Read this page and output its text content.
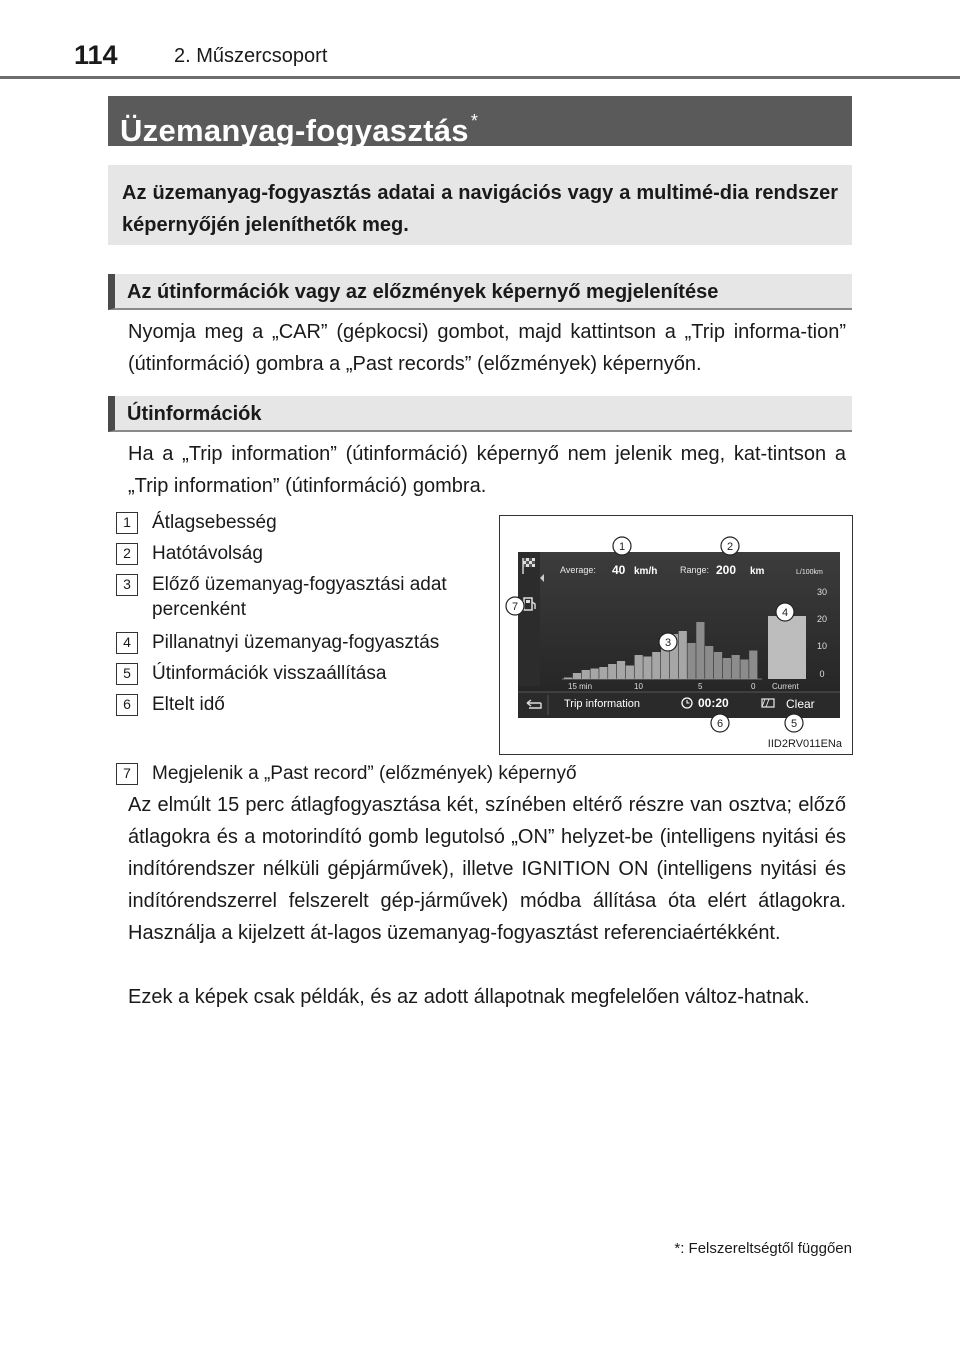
114	2. Műszercsoport
Üzemanyag-fogyasztás *
Az üzemanyag-fogyasztás adatai a navigációs vagy a multimé-dia rendszer képernyőjén jeleníthetők meg.
Az útinformációk vagy az előzmények képernyő megjelenítése
Nyomja meg a „CAR” (gépkocsi) gombot, majd kattintson a „Trip informa-tion” (útinformáció) gombra a „Past records” (előzmények) képernyőn.
Útinformációk
Ha a „Trip information” (útinformáció) képernyő nem jelenik meg, kat-tintson a „Trip information” (útinformáció) gombra.
1	Átlagsebesség
2	Hatótávolság
3	Előző üzemanyag-fogyasztási adat
percenként
4	Pillanatnyi üzemanyag-fogyasztás
5	Útinformációk visszaállítása
6	Eltelt idő
7	Megjelenik a „Past record” (előzmények) képernyő
Average: 40 km/h	Range: 200 km	L/100km
30
20
10
0
15 min	10	5	0 Current
Trip information	00:20	Clear
1	2
3
4
5
6
7
IID2RV011ENa
Az elmúlt 15 perc átlagfogyasztása két, színében eltérő részre van osztva; előző átlagokra és a motorindító gomb legutolsó „ON” helyzet-be (intelligens nyitási és indítórendszer nélküli gépjárművek), illetve IGNITION ON (intelligens nyitási és indítórendszerrel felszerelt gép-járművek) módba állítása óta elért átlagokra. Használja a kijelzett át-lagos üzemanyag-fogyasztást referenciaértékként.
Ezek a képek csak példák, és az adott állapotnak megfelelően változ-hatnak.
*: Felszereltségtől függően
